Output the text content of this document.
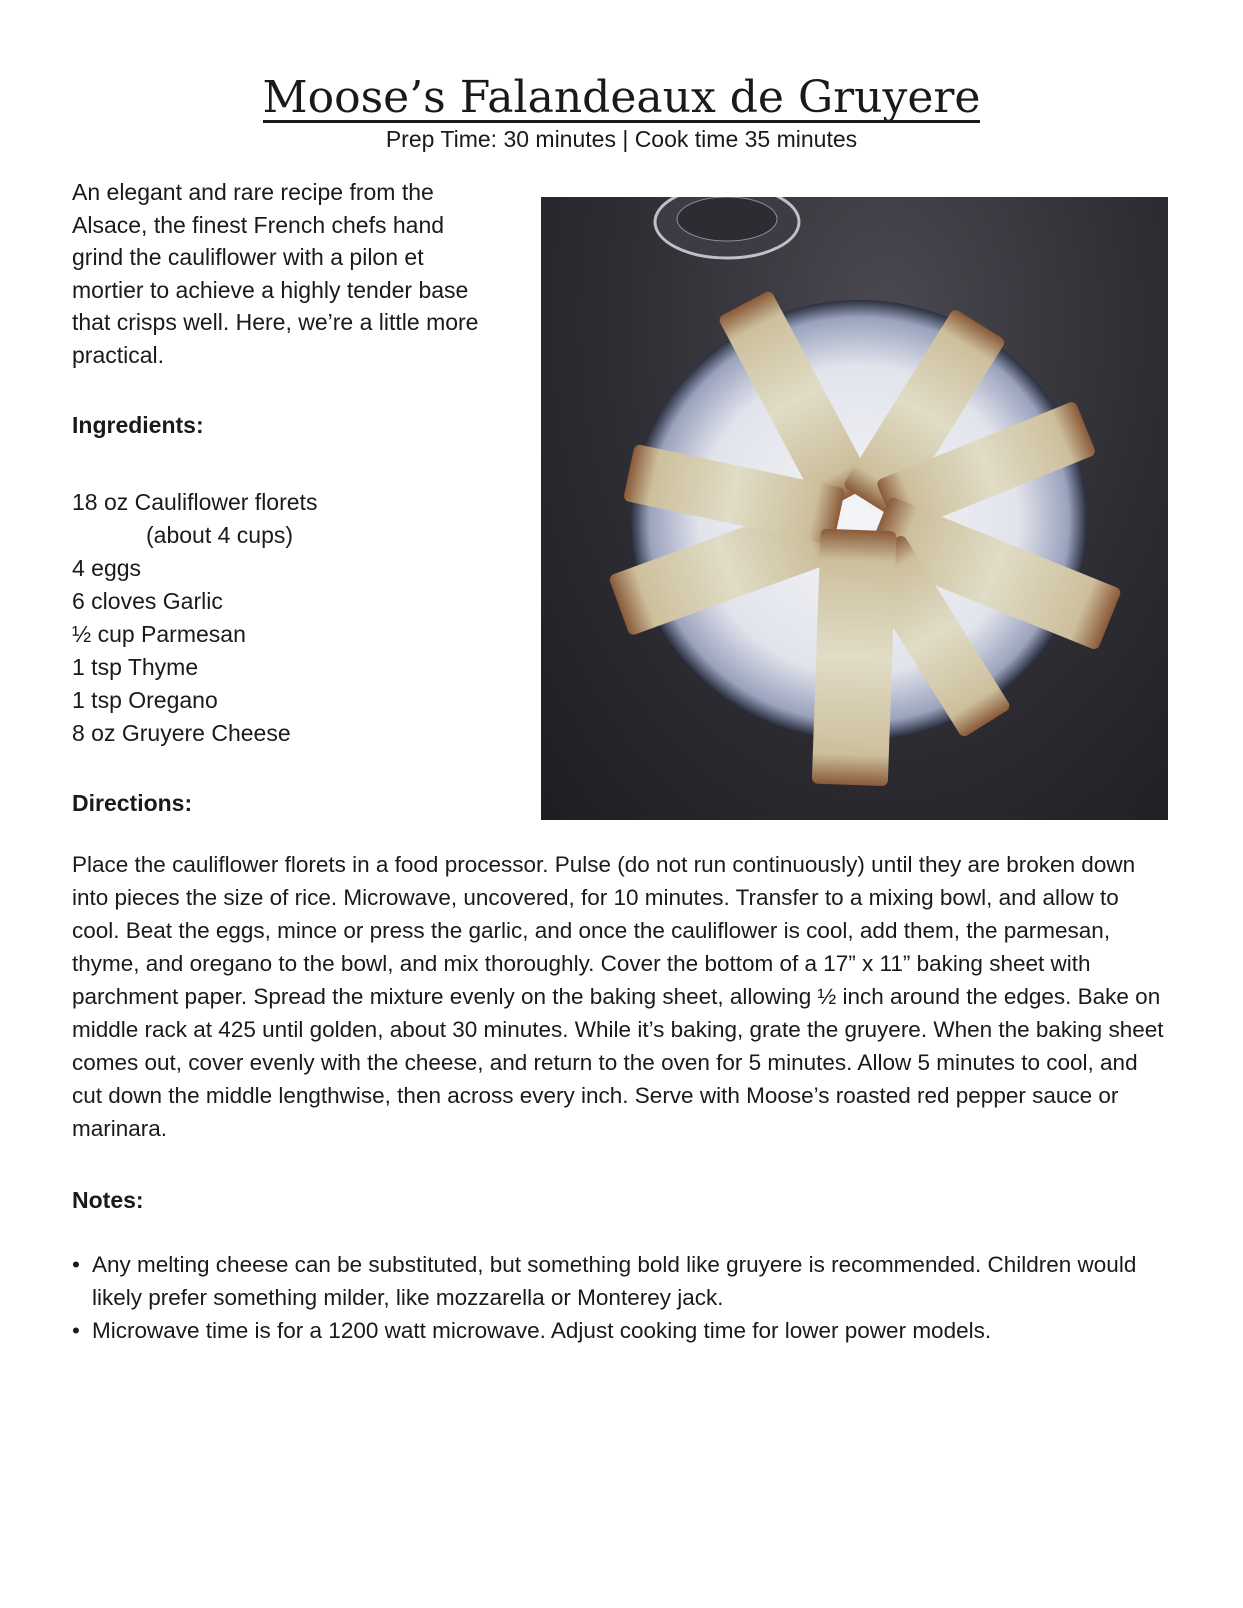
Moose’s Falandeaux de Gruyere
Prep Time: 30 minutes | Cook time 35 minutes
An elegant and rare recipe from the Alsace, the finest French chefs hand grind the cauliflower with a pilon et mortier to achieve a highly tender base that crisps well. Here, we’re a little more practical.
Ingredients:
18 oz Cauliflower florets
(about 4 cups)
4 eggs
6 cloves Garlic
½ cup Parmesan
1 tsp Thyme
1 tsp Oregano
8 oz Gruyere Cheese
Directions:

Place the cauliflower florets in a food processor. Pulse (do not run continuously) until they are broken down into pieces the size of rice. Microwave, uncovered, for 10 minutes. Transfer to a mixing bowl, and allow to cool. Beat the eggs, mince or press the garlic, and once the cauliflower is cool, add them, the parmesan, thyme, and oregano to the bowl, and mix thoroughly. Cover the bottom of a 17” x 11” baking sheet with parchment paper. Spread the mixture evenly on the baking sheet, allowing ½ inch around the edges. Bake on middle rack at 425 until golden, about 30 minutes. While it’s baking, grate the gruyere. When the baking sheet comes out, cover evenly with the cheese, and return to the oven for 5 minutes. Allow 5 minutes to cool, and cut down the middle lengthwise, then across every inch. Serve with Moose’s roasted red pepper sauce or marinara.

Notes:
• Any melting cheese can be substituted, but something bold like gruyere is recommended. Children would likely prefer something milder, like mozzarella or Monterey jack.
• Microwave time is for a 1200 watt microwave. Adjust cooking time for lower power models.
